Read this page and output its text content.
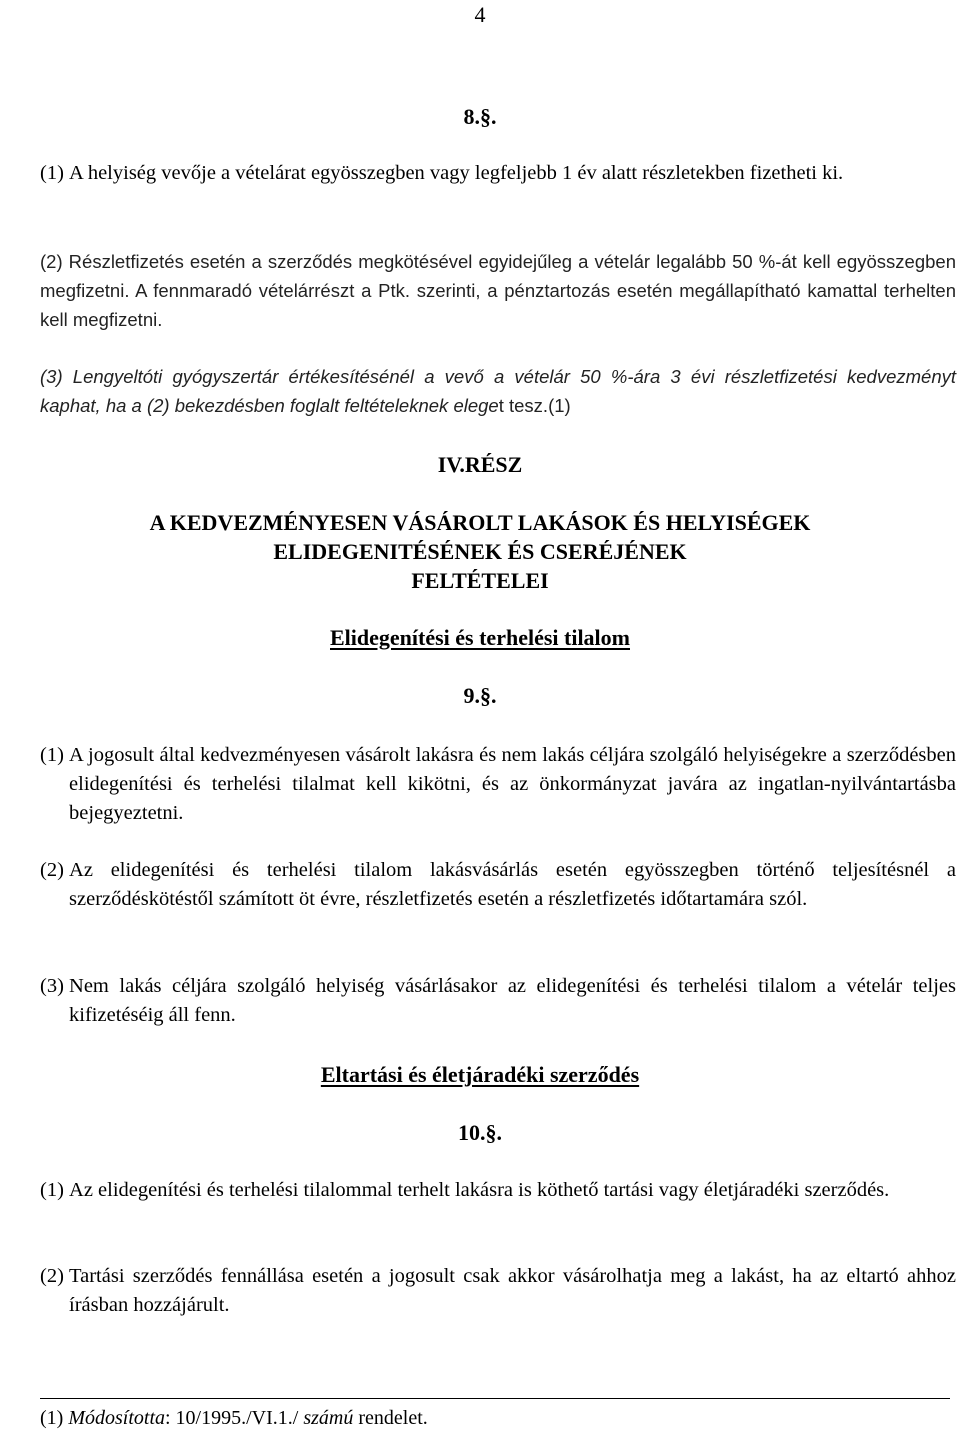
4
8.§.
(1) A helyiség vevője a vételárat egyösszegben vagy legfeljebb 1 év alatt részletekben fizetheti ki.
(2) Részletfizetés esetén a szerződés megkötésével egyidejűleg a vételár legalább 50 %-át kell egyösszegben megfizetni. A fennmaradó vételárrészt a Ptk. szerinti, a pénztartozás esetén megállapítható kamattal terhelten kell megfizetni.
(3) Lengyeltóti gyógyszertár értékesítésénél a vevő a vételár 50 %-ára 3 évi részletfizetési kedvezményt kaphat, ha a (2) bekezdésben foglalt feltételeknek eleget tesz.(1)
IV.RÉSZ
A KEDVEZMÉNYESEN VÁSÁROLT LAKÁSOK ÉS HELYISÉGEK
ELIDEGENITÉSÉNEK ÉS CSERÉJÉNEK
FELTÉTELEI
Elidegenítési és terhelési tilalom
9.§.
(1) A jogosult által kedvezményesen vásárolt lakásra és nem lakás céljára szolgáló helyiségekre a szerződésben elidegenítési és terhelési tilalmat kell kikötni, és az önkormányzat javára az ingatlan-nyilvántartásba bejegyeztetni.
(2) Az elidegenítési és terhelési tilalom lakásvásárlás esetén egyösszegben történő teljesítésnél a szerződéskötéstől számított öt évre, részletfizetés esetén a részletfizetés időtartamára szól.
(3) Nem lakás céljára szolgáló helyiség vásárlásakor az elidegenítési és terhelési tilalom a vételár teljes kifizetéséig áll fenn.
Eltartási és életjáradéki szerződés
10.§.
(1) Az elidegenítési és terhelési tilalommal terhelt lakásra is köthető tartási vagy életjáradéki szerződés.
(2) Tartási szerződés fennállása esetén a jogosult csak akkor vásárolhatja meg a lakást, ha az eltartó ahhoz írásban hozzájárult.
(1) Módosította: 10/1995./VI.1./ számú rendelet.
